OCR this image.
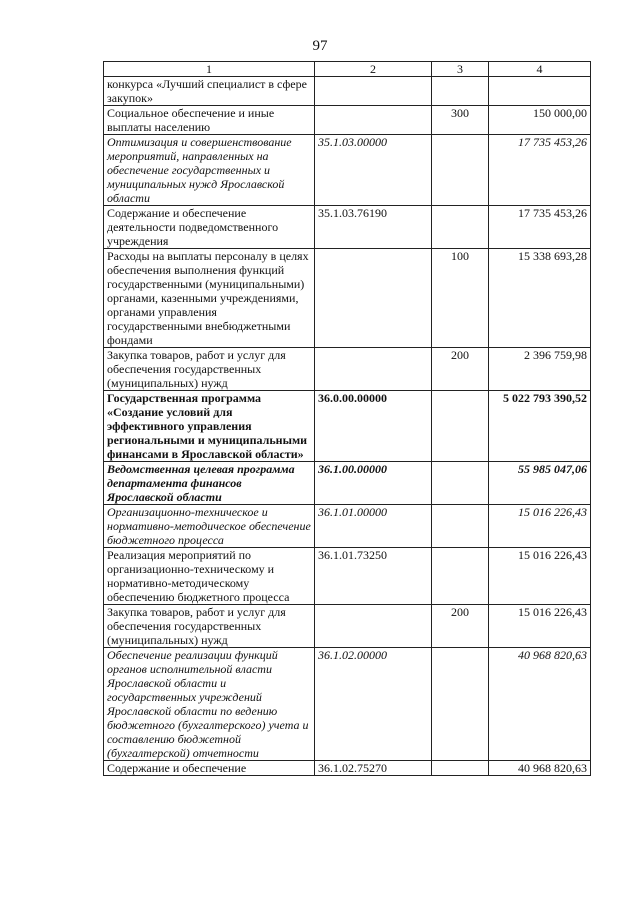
97
1	2	3	4
конкурса «Лучший специалист в сфере закупок»			
Социальное обеспечение и иные выплаты населению		300	150 000,00
Оптимизация и совершенствование мероприятий, направленных на обеспечение государственных и муниципальных нужд Ярославской области	35.1.03.00000		17 735 453,26
Содержание и обеспечение деятельности подведомственного учреждения	35.1.03.76190		17 735 453,26
Расходы на выплаты персоналу в целях обеспечения выполнения функций государственными (муниципальными) органами, казенными учреждениями, органами управления государственными внебюджетными фондами		100	15 338 693,28
Закупка товаров, работ и услуг для обеспечения государственных (муниципальных) нужд		200	2 396 759,98
Государственная программа «Создание условий для эффективного управления региональными и муниципальными финансами в Ярославской области»	36.0.00.00000		5 022 793 390,52
Ведомственная целевая программа департамента финансов Ярославской области	36.1.00.00000		55 985 047,06
Организационно-техническое и нормативно-методическое обеспечение бюджетного процесса	36.1.01.00000		15 016 226,43
Реализация мероприятий по организационно-техническому и нормативно-методическому обеспечению бюджетного процесса	36.1.01.73250		15 016 226,43
Закупка товаров, работ и услуг для обеспечения государственных (муниципальных) нужд		200	15 016 226,43
Обеспечение реализации функций органов исполнительной власти Ярославской области и государственных учреждений Ярославской области по ведению бюджетного (бухгалтерского) учета и составлению бюджетной (бухгалтерской) отчетности	36.1.02.00000		40 968 820,63
Содержание и обеспечение	36.1.02.75270		40 968 820,63
